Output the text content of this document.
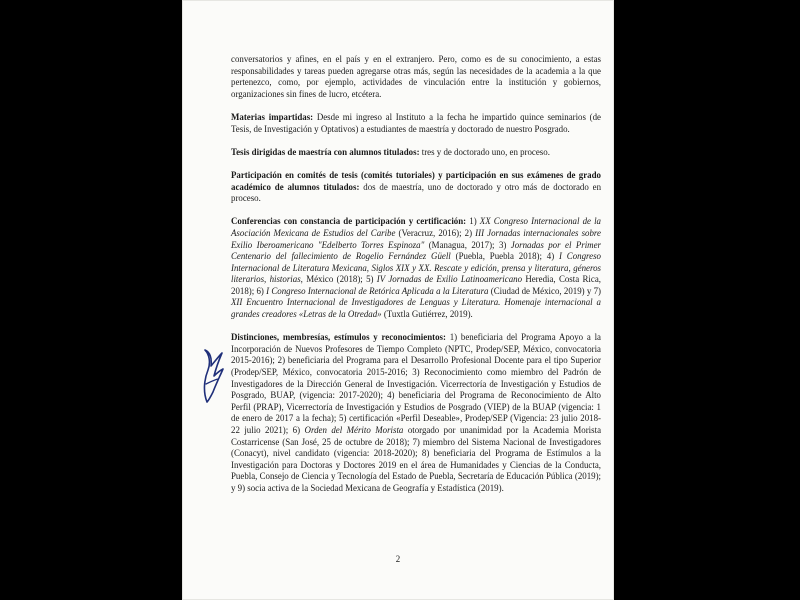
conversatorios y afines, en el país y en el extranjero. Pero, como es de su conocimiento, a estas responsabilidades y tareas pueden agregarse otras más, según las necesidades de la academia a la que pertenezco, como, por ejemplo, actividades de vinculación entre la institución y gobiernos, organizaciones sin fines de lucro, etcétera.

Materias impartidas: Desde mi ingreso al Instituto a la fecha he impartido quince seminarios (de Tesis, de Investigación y Optativos) a estudiantes de maestría y doctorado de nuestro Posgrado.

Tesis dirigidas de maestría con alumnos titulados: tres y de doctorado uno, en proceso.

Participación en comités de tesis (comités tutoriales) y participación en sus exámenes de grado académico de alumnos titulados: dos de maestría, uno de doctorado y otro más de doctorado en proceso.

Conferencias con constancia de participación y certificación: 1) XX Congreso Internacional de la Asociación Mexicana de Estudios del Caribe (Veracruz, 2016); 2) III Jornadas internacionales sobre Exilio Iberoamericano "Edelberto Torres Espinoza" (Managua, 2017); 3) Jornadas por el Primer Centenario del fallecimiento de Rogelio Fernández Güell (Puebla, Puebla 2018); 4) I Congreso Internacional de Literatura Mexicana, Siglos XIX y XX. Rescate y edición, prensa y literatura, géneros literarios, historias, México (2018); 5) IV Jornadas de Exilio Latinoamericano Heredia, Costa Rica, 2018); 6) I Congreso Internacional de Retórica Aplicada a la Literatura (Ciudad de México, 2019) y 7) XII Encuentro Internacional de Investigadores de Lenguas y Literatura. Homenaje internacional a grandes creadores «Letras de la Otredad» (Tuxtla Gutiérrez, 2019).

Distinciones, membresías, estímulos y reconocimientos: 1) beneficiaria del Programa Apoyo a la Incorporación de Nuevos Profesores de Tiempo Completo (NPTC, Prodep/SEP, México, convocatoria 2015-2016); 2) beneficiaria del Programa para el Desarrollo Profesional Docente para el tipo Superior (Prodep/SEP, México, convocatoria 2015-2016; 3) Reconocimiento como miembro del Padrón de Investigadores de la Dirección General de Investigación. Vicerrectoría de Investigación y Estudios de Posgrado, BUAP, (vigencia: 2017-2020); 4) beneficiaria del Programa de Reconocimiento de Alto Perfil (PRAP), Vicerrectoría de Investigación y Estudios de Posgrado (VIEP) de la BUAP (vigencia: 1 de enero de 2017 a la fecha); 5) certificación «Perfil Deseable», Prodep/SEP (Vigencia: 23 julio 2018-22 julio 2021); 6) Orden del Mérito Morista otorgado por unanimidad por la Academia Morista Costarricense (San José, 25 de octubre de 2018); 7) miembro del Sistema Nacional de Investigadores (Conacyt), nivel candidato (vigencia: 2018-2020); 8) beneficiaria del Programa de Estímulos a la Investigación para Doctoras y Doctores 2019 en el área de Humanidades y Ciencias de la Conducta, Puebla, Consejo de Ciencia y Tecnología del Estado de Puebla, Secretaría de Educación Pública (2019); y 9) socia activa de la Sociedad Mexicana de Geografía y Estadística (2019).

2
